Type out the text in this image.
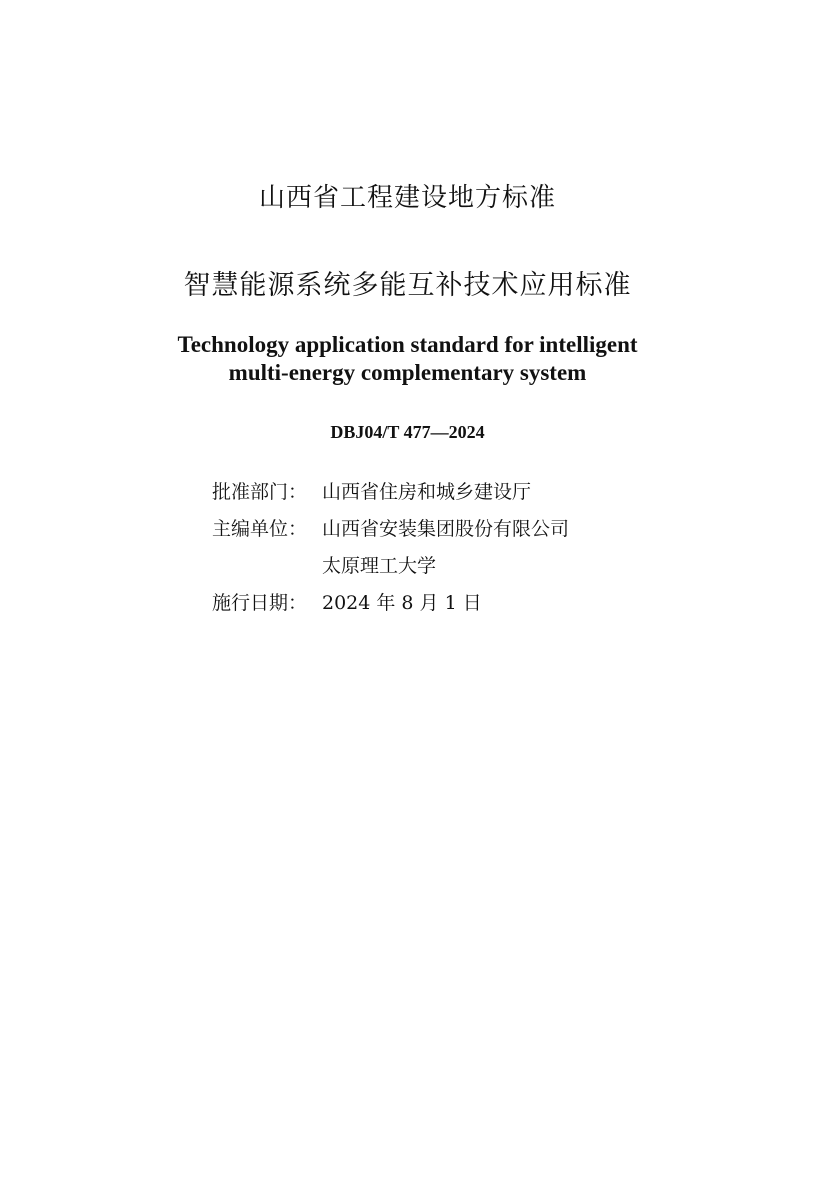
山西省工程建设地方标准
智慧能源系统多能互补技术应用标准
Technology application standard for intelligent
multi-energy complementary system
DBJ04/T 477—2024
批准部门： 山西省住房和城乡建设厅
主编单位： 山西省安装集团股份有限公司
太原理工大学
施行日期： 2024 年 8 月 1 日
